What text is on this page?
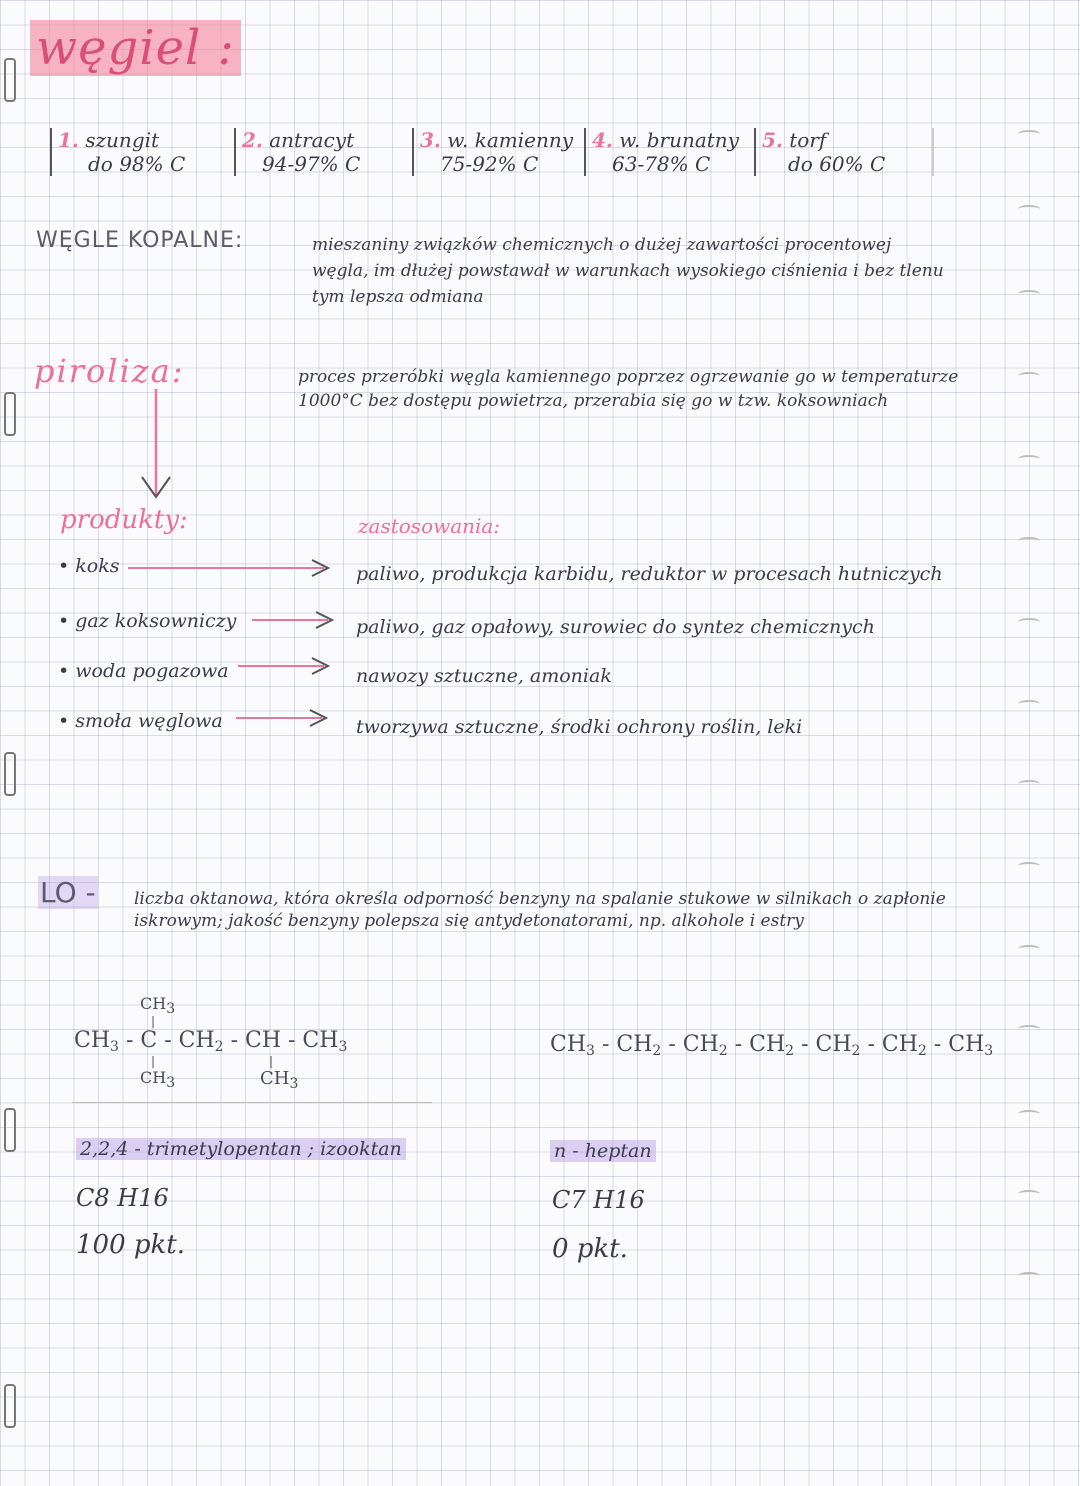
węgiel :
1. szungit
do 98% C
2. antracyt
94-97% C
3. w. kamienny
75-92% C
4. w. brunatny
63-78% C
5. torf
do 60% C
WĘGLE KOPALNE:	mieszaniny związków chemicznych o dużej zawartości procentowej węgla, im dłużej powstawał w warunkach wysokiego ciśnienia i bez tlenu tym lepsza odmiana
piroliza:	proces przeróbki węgla kamiennego poprzez ogrzewanie go w temperaturze 1000°C bez dostępu powietrza, przerabia się go w tzw. koksowniach
produkty:	zastosowania:
• koks	paliwo, produkcja karbidu, reduktor w procesach hutniczych
• gaz koksowniczy	paliwo, gaz opałowy, surowiec do syntez chemicznych
• woda pogazowa	nawozy sztuczne, amoniak
• smoła węglowa	tworzywa sztuczne, środki ochrony roślin, leki
LO - liczba oktanowa, która określa odporność benzyny na spalanie stukowe w silnikach o zapłonie iskrowym; jakość benzyny polepsza się antydetonatorami, np. alkohole i estry
CH3
|
$CH_3$ - C - $CH_2$ - CH - $CH_3$
|
CH3
|
$CH_3$
$CH_3 - CH_2 - CH_2 - CH_2 - CH_2 - CH_2 - CH_3$
2,2,4 - trimetylopentan ; izooktan
C8 H16
100 pkt.
n - heptan
C7 H16
0 pkt.
